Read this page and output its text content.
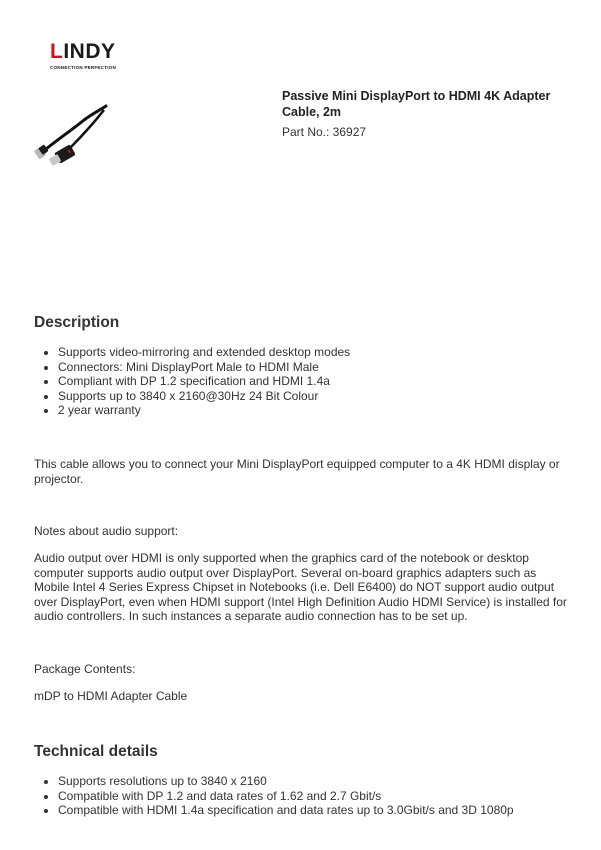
L INDY
CONNECTION PERFECTION

Passive Mini DisplayPort to HDMI 4K Adapter Cable, 2m

Part No.: 36927
Description
• Supports video-mirroring and extended desktop modes
• Connectors: Mini DisplayPort Male to HDMI Male
• Compliant with DP 1.2 specification and HDMI 1.4a
• Supports up to 3840 x 2160@30Hz 24 Bit Colour
• 2 year warranty

This cable allows you to connect your Mini DisplayPort equipped computer to a 4K HDMI display or projector.

Notes about audio support:

Audio output over HDMI is only supported when the graphics card of the notebook or desktop computer supports audio output over DisplayPort. Several on-board graphics adapters such as Mobile Intel 4 Series Express Chipset in Notebooks (i.e. Dell E6400) do NOT support audio output over DisplayPort, even when HDMI support (Intel High Definition Audio HDMI Service) is installed for audio controllers. In such instances a separate audio connection has to be set up.

Package Contents:

mDP to HDMI Adapter Cable

Technical details
• Supports resolutions up to 3840 x 2160
• Compatible with DP 1.2 and data rates of 1.62 and 2.7 Gbit/s
• Compatible with HDMI 1.4a specification and data rates up to 3.0Gbit/s and 3D 1080p
